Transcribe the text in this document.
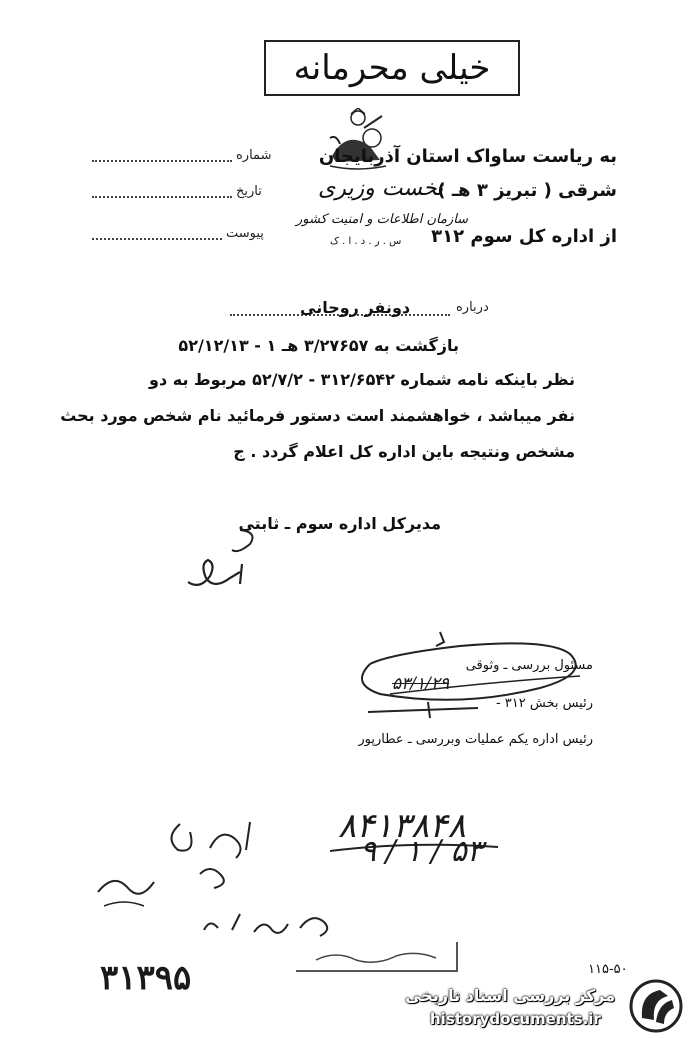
خیلی محرمانه
شماره
تاریخ
پیوست
به ریاست ساواک استان آذربایجان
شرقی ( تبریز ۳ هـ )
از اداره کل سوم ۳۱۲
نخست وزیری
سازمان اطلاعات و امنیت کشور
س . ر . د . ا . ک
درباره
دونفر روحانی
بازگشت به ۳/۲۷۶۵۷ هـ ۱ - ۵۲/۱۲/۱۳
نظر باینکه نامه شماره ۳۱۲/۶۵۴۲ - ۵۲/۷/۲ مربوط به دو
نفر میباشد ، خواهشمند است دستور فرمائید نام شخص مورد بحث
مشخص ونتیجه باین اداره کل اعلام گردد . ج
مدیرکل اداره سوم ـ ثابتی
مسئول بررسی ـ وثوقی
۵۳/۱/۲۹
رئیس بخش ۳۱۲ -
رئیس اداره یکم عملیات وبررسی ـ عطارپور
۸۴۱۳۸۴۸
۹ / ۱ / ۵۳
۳۱۳۹۵	۱۱۵-۵۰
مرکز بررسی اسناد تاریخی
historydocuments.ir
